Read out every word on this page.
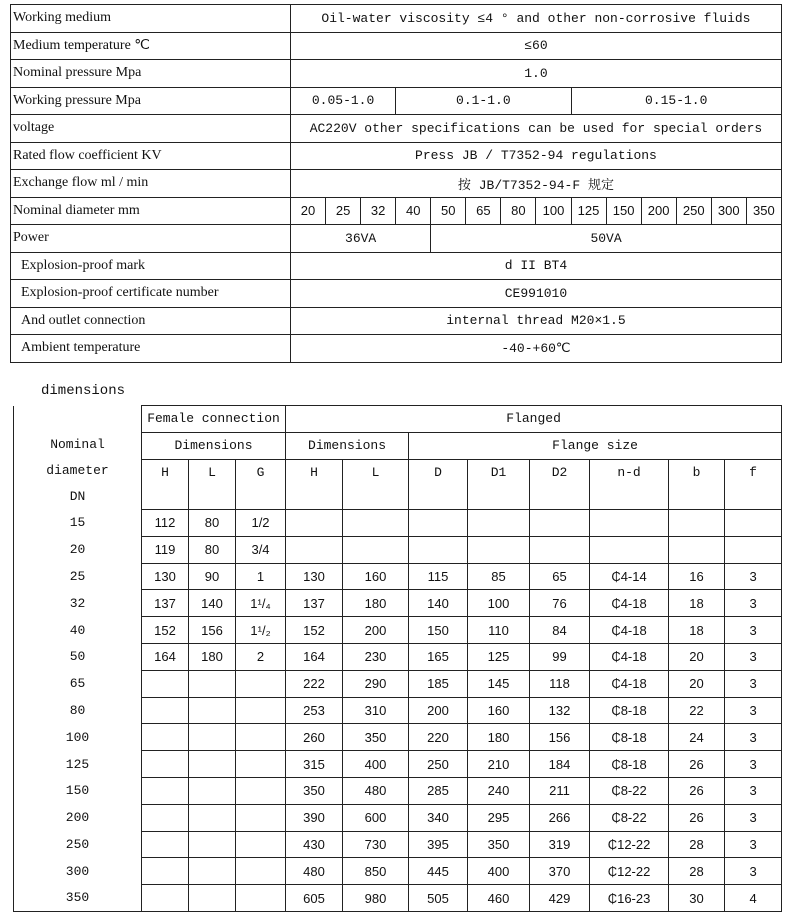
Working medium	Oil-water viscosity ≤4 ° and other non-corrosive fluids													
Medium temperature ℃	≤60													
Nominal pressure Mpa	1.0													
Working pressure Mpa	0.05-1.0			0.1-1.0					0.15-1.0					
voltage	AC220V other specifications can be used for special orders													
Rated flow coefficient KV	Press JB / T7352-94 regulations													
Exchange flow ml / min	按 JB/T7352-94-F 规定													
Nominal diameter mm	20	25	32	40	50	65	80	100	125	150	200	250	300	350
Power	36VA				50VA									
Explosion-proof mark	d II BT4													
Explosion-proof certificate number	CE991010													
And outlet connection	internal thread M20×1.5													
Ambient temperature	-40-+60℃													
dimensions
Nominal
diameter
DN	Female connection			Flanged							
	Dimensions			Dimensions		Flange size					
	H	L	G	H	L	D	D1	D2	n-d	b	f

15	112	80	1/2								
20	119	80	3/4								
25	130	90	1	130	160	115	85	65	₵4-14	16	3
32	137	140	1¹/₄	137	180	140	100	76	₵4-18	18	3
40	152	156	1¹/₂	152	200	150	110	84	₵4-18	18	3
50	164	180	2	164	230	165	125	99	₵4-18	20	3
65				222	290	185	145	118	₵4-18	20	3
80				253	310	200	160	132	₵8-18	22	3
100				260	350	220	180	156	₵8-18	24	3
125				315	400	250	210	184	₵8-18	26	3
150				350	480	285	240	211	₵8-22	26	3
200				390	600	340	295	266	₵8-22	26	3
250				430	730	395	350	319	₵12-22	28	3
300				480	850	445	400	370	₵12-22	28	3
350				605	980	505	460	429	₵16-23	30	4
